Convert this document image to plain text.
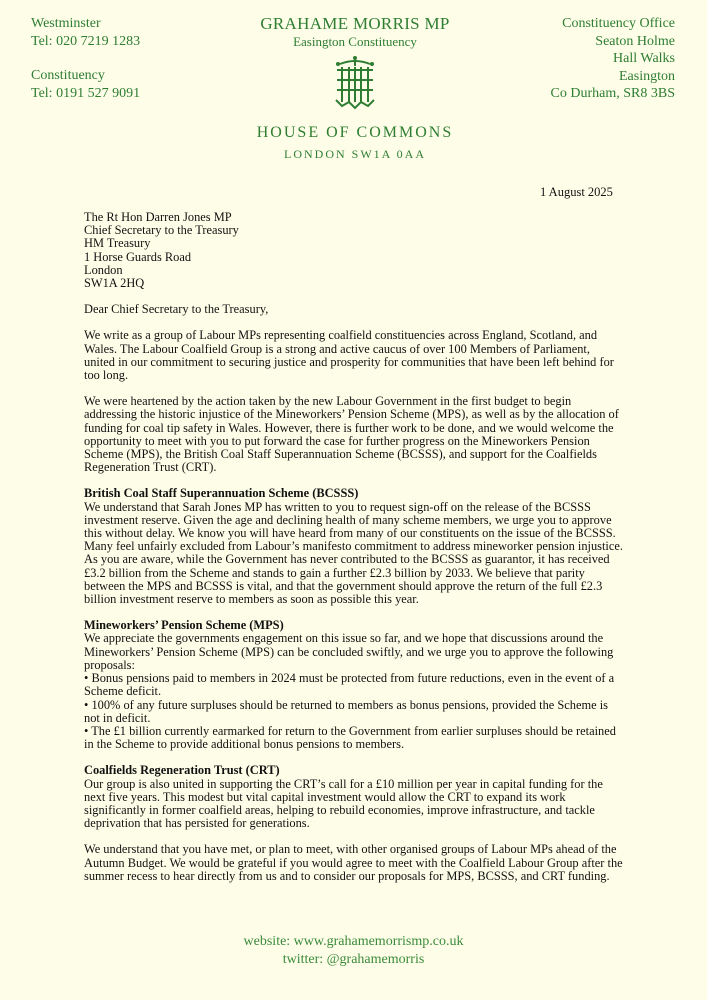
Westminster
Tel: 020 7219 1283
Constituency
Tel: 0191 527 9091
GRAHAME MORRIS MP
Easington Constituency
HOUSE OF COMMONS
LONDON SW1A 0AA
Constituency Office
Seaton Holme
Hall Walks
Easington
Co Durham, SR8 3BS
1 August 2025
The Rt Hon Darren Jones MP
Chief Secretary to the Treasury
HM Treasury
1 Horse Guards Road
London
SW1A 2HQ

Dear Chief Secretary to the Treasury,

We write as a group of Labour MPs representing coalfield constituencies across England, Scotland, and Wales. The Labour Coalfield Group is a strong and active caucus of over 100 Members of Parliament, united in our commitment to securing justice and prosperity for communities that have been left behind for too long.

We were heartened by the action taken by the new Labour Government in the first budget to begin addressing the historic injustice of the Mineworkers’ Pension Scheme (MPS), as well as by the allocation of funding for coal tip safety in Wales. However, there is further work to be done, and we would welcome the opportunity to meet with you to put forward the case for further progress on the Mineworkers Pension Scheme (MPS), the British Coal Staff Superannuation Scheme (BCSSS), and support for the Coalfields Regeneration Trust (CRT).

British Coal Staff Superannuation Scheme (BCSSS)

We understand that Sarah Jones MP has written to you to request sign-off on the release of the BCSSS investment reserve. Given the age and declining health of many scheme members, we urge you to approve this without delay. We know you will have heard from many of our constituents on the issue of the BCSSS. Many feel unfairly excluded from Labour’s manifesto commitment to address mineworker pension injustice. As you are aware, while the Government has never contributed to the BCSSS as guarantor, it has received £3.2 billion from the Scheme and stands to gain a further £2.3 billion by 2033. We believe that parity between the MPS and BCSSS is vital, and that the government should approve the return of the full £2.3 billion investment reserve to members as soon as possible this year.

Mineworkers’ Pension Scheme (MPS)

We appreciate the governments engagement on this issue so far, and we hope that discussions around the Mineworkers’ Pension Scheme (MPS) can be concluded swiftly, and we urge you to approve the following proposals:

• Bonus pensions paid to members in 2024 must be protected from future reductions, even in the event of a Scheme deficit.

• 100% of any future surpluses should be returned to members as bonus pensions, provided the Scheme is not in deficit.

• The £1 billion currently earmarked for return to the Government from earlier surpluses should be retained in the Scheme to provide additional bonus pensions to members.

Coalfields Regeneration Trust (CRT)

Our group is also united in supporting the CRT’s call for a £10 million per year in capital funding for the next five years. This modest but vital capital investment would allow the CRT to expand its work significantly in former coalfield areas, helping to rebuild economies, improve infrastructure, and tackle deprivation that has persisted for generations.

We understand that you have met, or plan to meet, with other organised groups of Labour MPs ahead of the Autumn Budget. We would be grateful if you would agree to meet with the Coalfield Labour Group after the summer recess to hear directly from us and to consider our proposals for MPS, BCSSS, and CRT funding.

website: www.grahamemorrismp.co.uk
twitter: @grahamemorris
